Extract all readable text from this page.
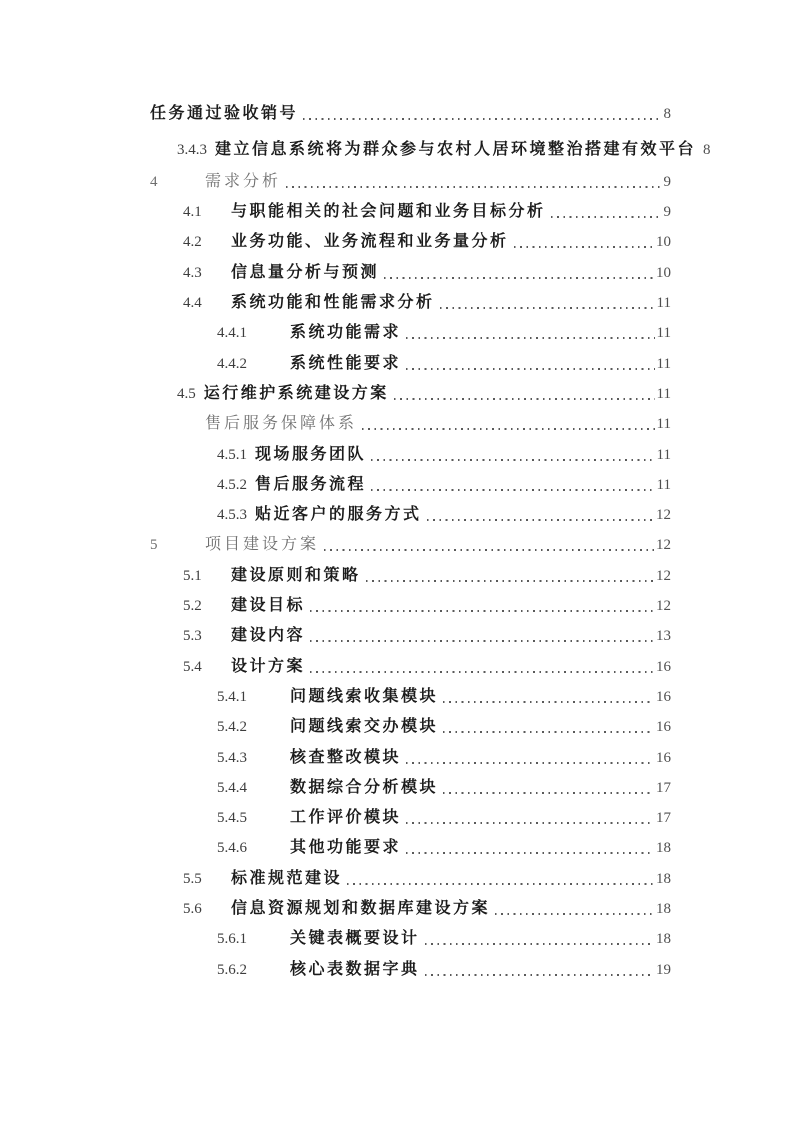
任务通过验收销号	8
3.4.3 建立信息系统将为群众参与农村人居环境整治搭建有效平台 8
4	需求分析	9
4.1	与职能相关的社会问题和业务目标分析	9
4.2	业务功能、业务流程和业务量分析	10
4.3	信息量分析与预测	10
4.4	系统功能和性能需求分析	11
4.4.1	系统功能需求	11
4.4.2	系统性能要求	11
4.5 运行维护系统建设方案	11
售后服务保障体系	11
4.5.1 现场服务团队	11
4.5.2 售后服务流程	11
4.5.3 贴近客户的服务方式	12
5	项目建设方案	12
5.1	建设原则和策略	12
5.2	建设目标	12
5.3	建设内容	13
5.4	设计方案	16
5.4.1	问题线索收集模块	16
5.4.2	问题线索交办模块	16
5.4.3	核查整改模块	16
5.4.4	数据综合分析模块	17
5.4.5	工作评价模块	17
5.4.6	其他功能要求	18
5.5	标准规范建设	18
5.6	信息资源规划和数据库建设方案	18
5.6.1	关键表概要设计	18
5.6.2	核心表数据字典	19
